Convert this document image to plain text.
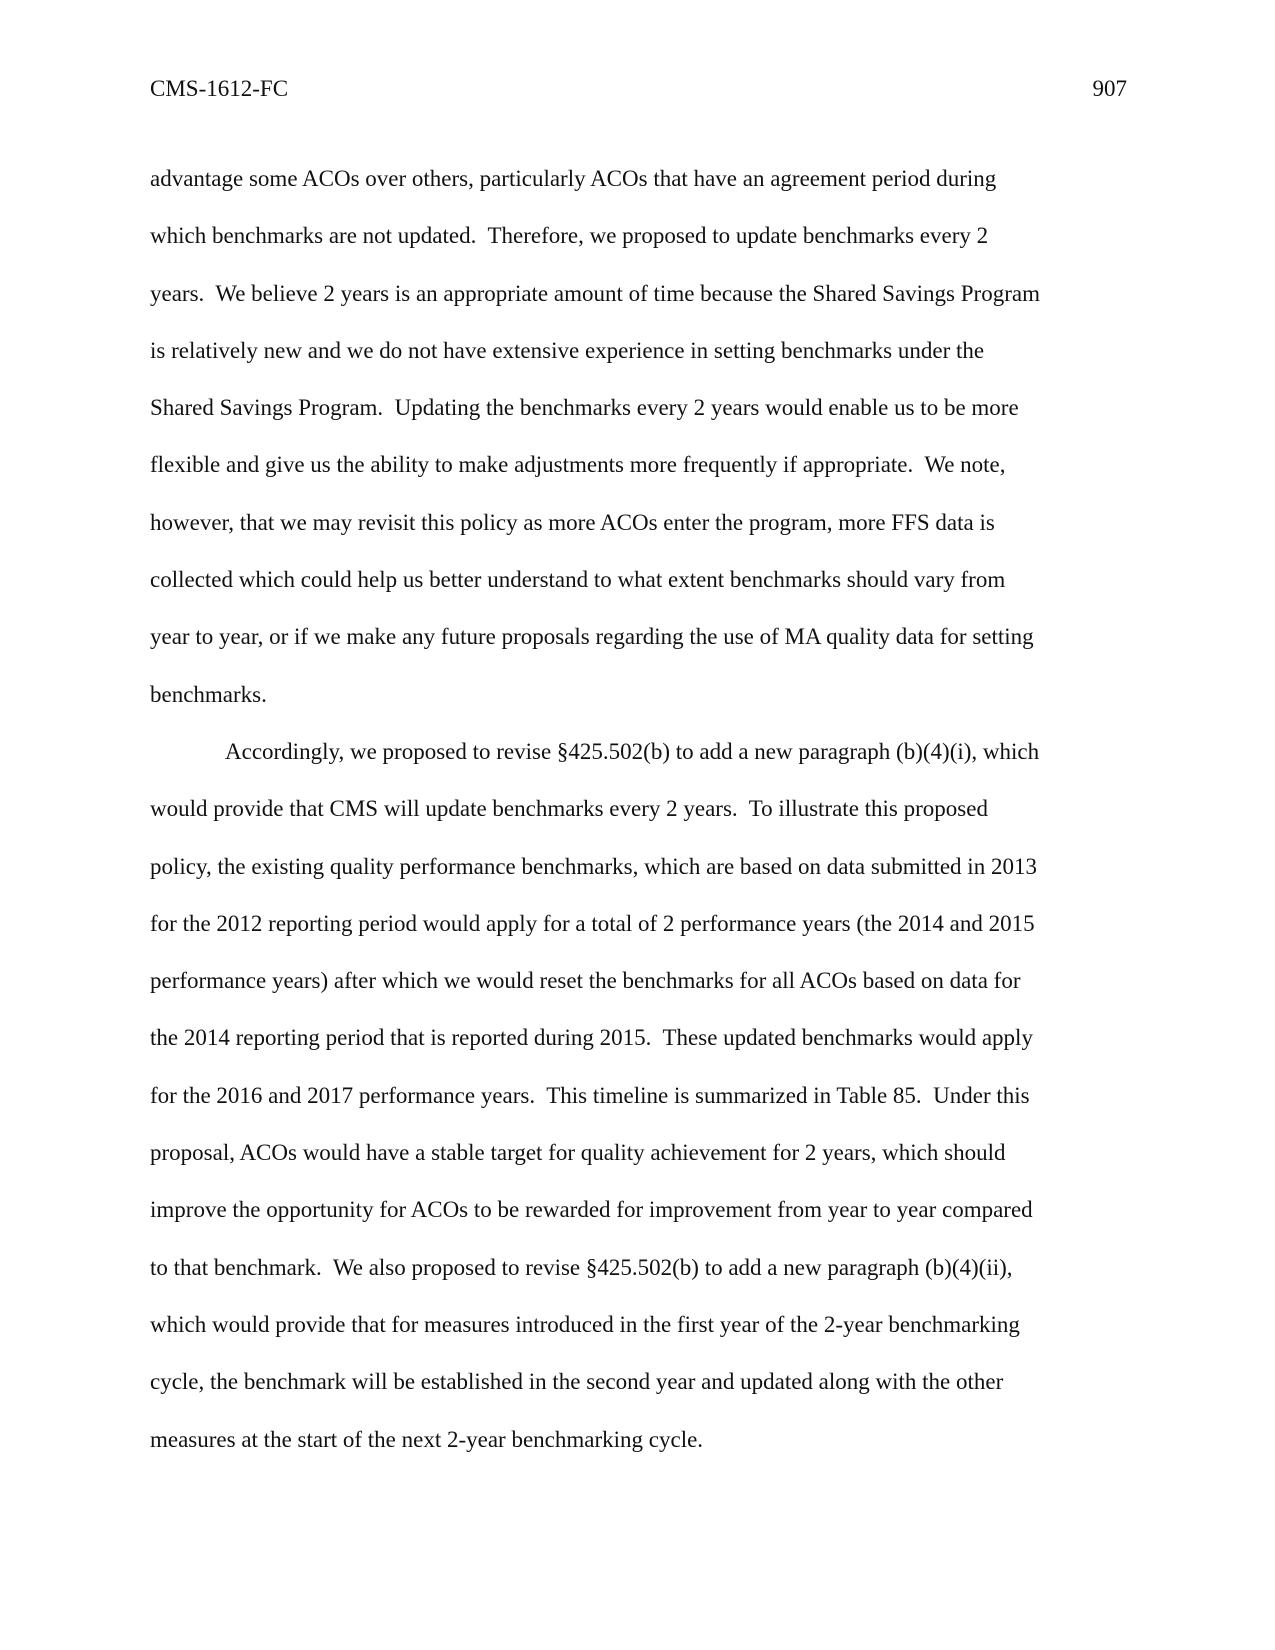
CMS-1612-FC	907
advantage some ACOs over others, particularly ACOs that have an agreement period during
which benchmarks are not updated.  Therefore, we proposed to update benchmarks every 2
years.  We believe 2 years is an appropriate amount of time because the Shared Savings Program
is relatively new and we do not have extensive experience in setting benchmarks under the
Shared Savings Program.  Updating the benchmarks every 2 years would enable us to be more
flexible and give us the ability to make adjustments more frequently if appropriate.  We note,
however, that we may revisit this policy as more ACOs enter the program, more FFS data is
collected which could help us better understand to what extent benchmarks should vary from
year to year, or if we make any future proposals regarding the use of MA quality data for setting
benchmarks.
Accordingly, we proposed to revise §425.502(b) to add a new paragraph (b)(4)(i), which
would provide that CMS will update benchmarks every 2 years.  To illustrate this proposed
policy, the existing quality performance benchmarks, which are based on data submitted in 2013
for the 2012 reporting period would apply for a total of 2 performance years (the 2014 and 2015
performance years) after which we would reset the benchmarks for all ACOs based on data for
the 2014 reporting period that is reported during 2015.  These updated benchmarks would apply
for the 2016 and 2017 performance years.  This timeline is summarized in Table 85.  Under this
proposal, ACOs would have a stable target for quality achievement for 2 years, which should
improve the opportunity for ACOs to be rewarded for improvement from year to year compared
to that benchmark.  We also proposed to revise §425.502(b) to add a new paragraph (b)(4)(ii),
which would provide that for measures introduced in the first year of the 2-year benchmarking
cycle, the benchmark will be established in the second year and updated along with the other
measures at the start of the next 2-year benchmarking cycle.
